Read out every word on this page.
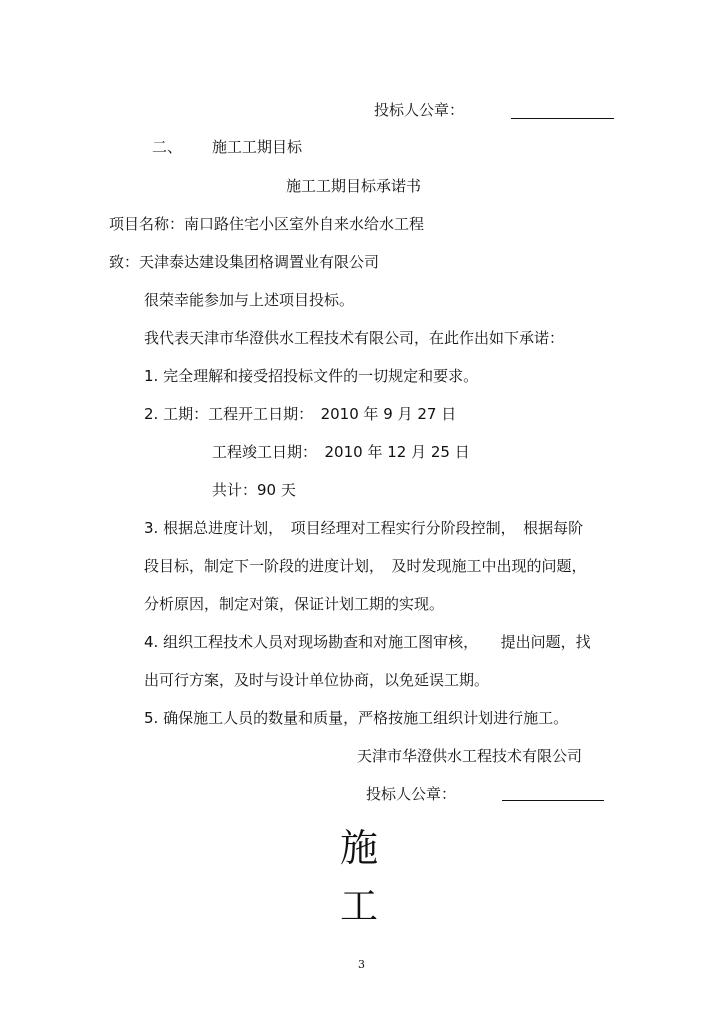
投标人公章：
二、 施工工期目标
施工工期目标承诺书
项目名称：南口路住宅小区室外自来水给水工程
致：天津泰达建设集团格调置业有限公司
很荣幸能参加与上述项目投标。
我代表天津市华澄供水工程技术有限公司，在此作出如下承诺：
1. 完全理解和接受招投标文件的一切规定和要求。
2. 工期：工程开工日期：　2010 年 9 月 27 日
工程竣工日期：　2010 年 12 月 25 日
共计：90 天
3. 根据总进度计划，　项目经理对工程实行分阶段控制，　根据每阶
段目标，制定下一阶段的进度计划，　及时发现施工中出现的问题，
分析原因，制定对策，保证计划工期的实现。
4. 组织工程技术人员对现场勘查和对施工图审核，　　提出问题，找
出可行方案，及时与设计单位协商，以免延误工期。
5. 确保施工人员的数量和质量，严格按施工组织计划进行施工。
天津市华澄供水工程技术有限公司
投标人公章：
施
工
3
